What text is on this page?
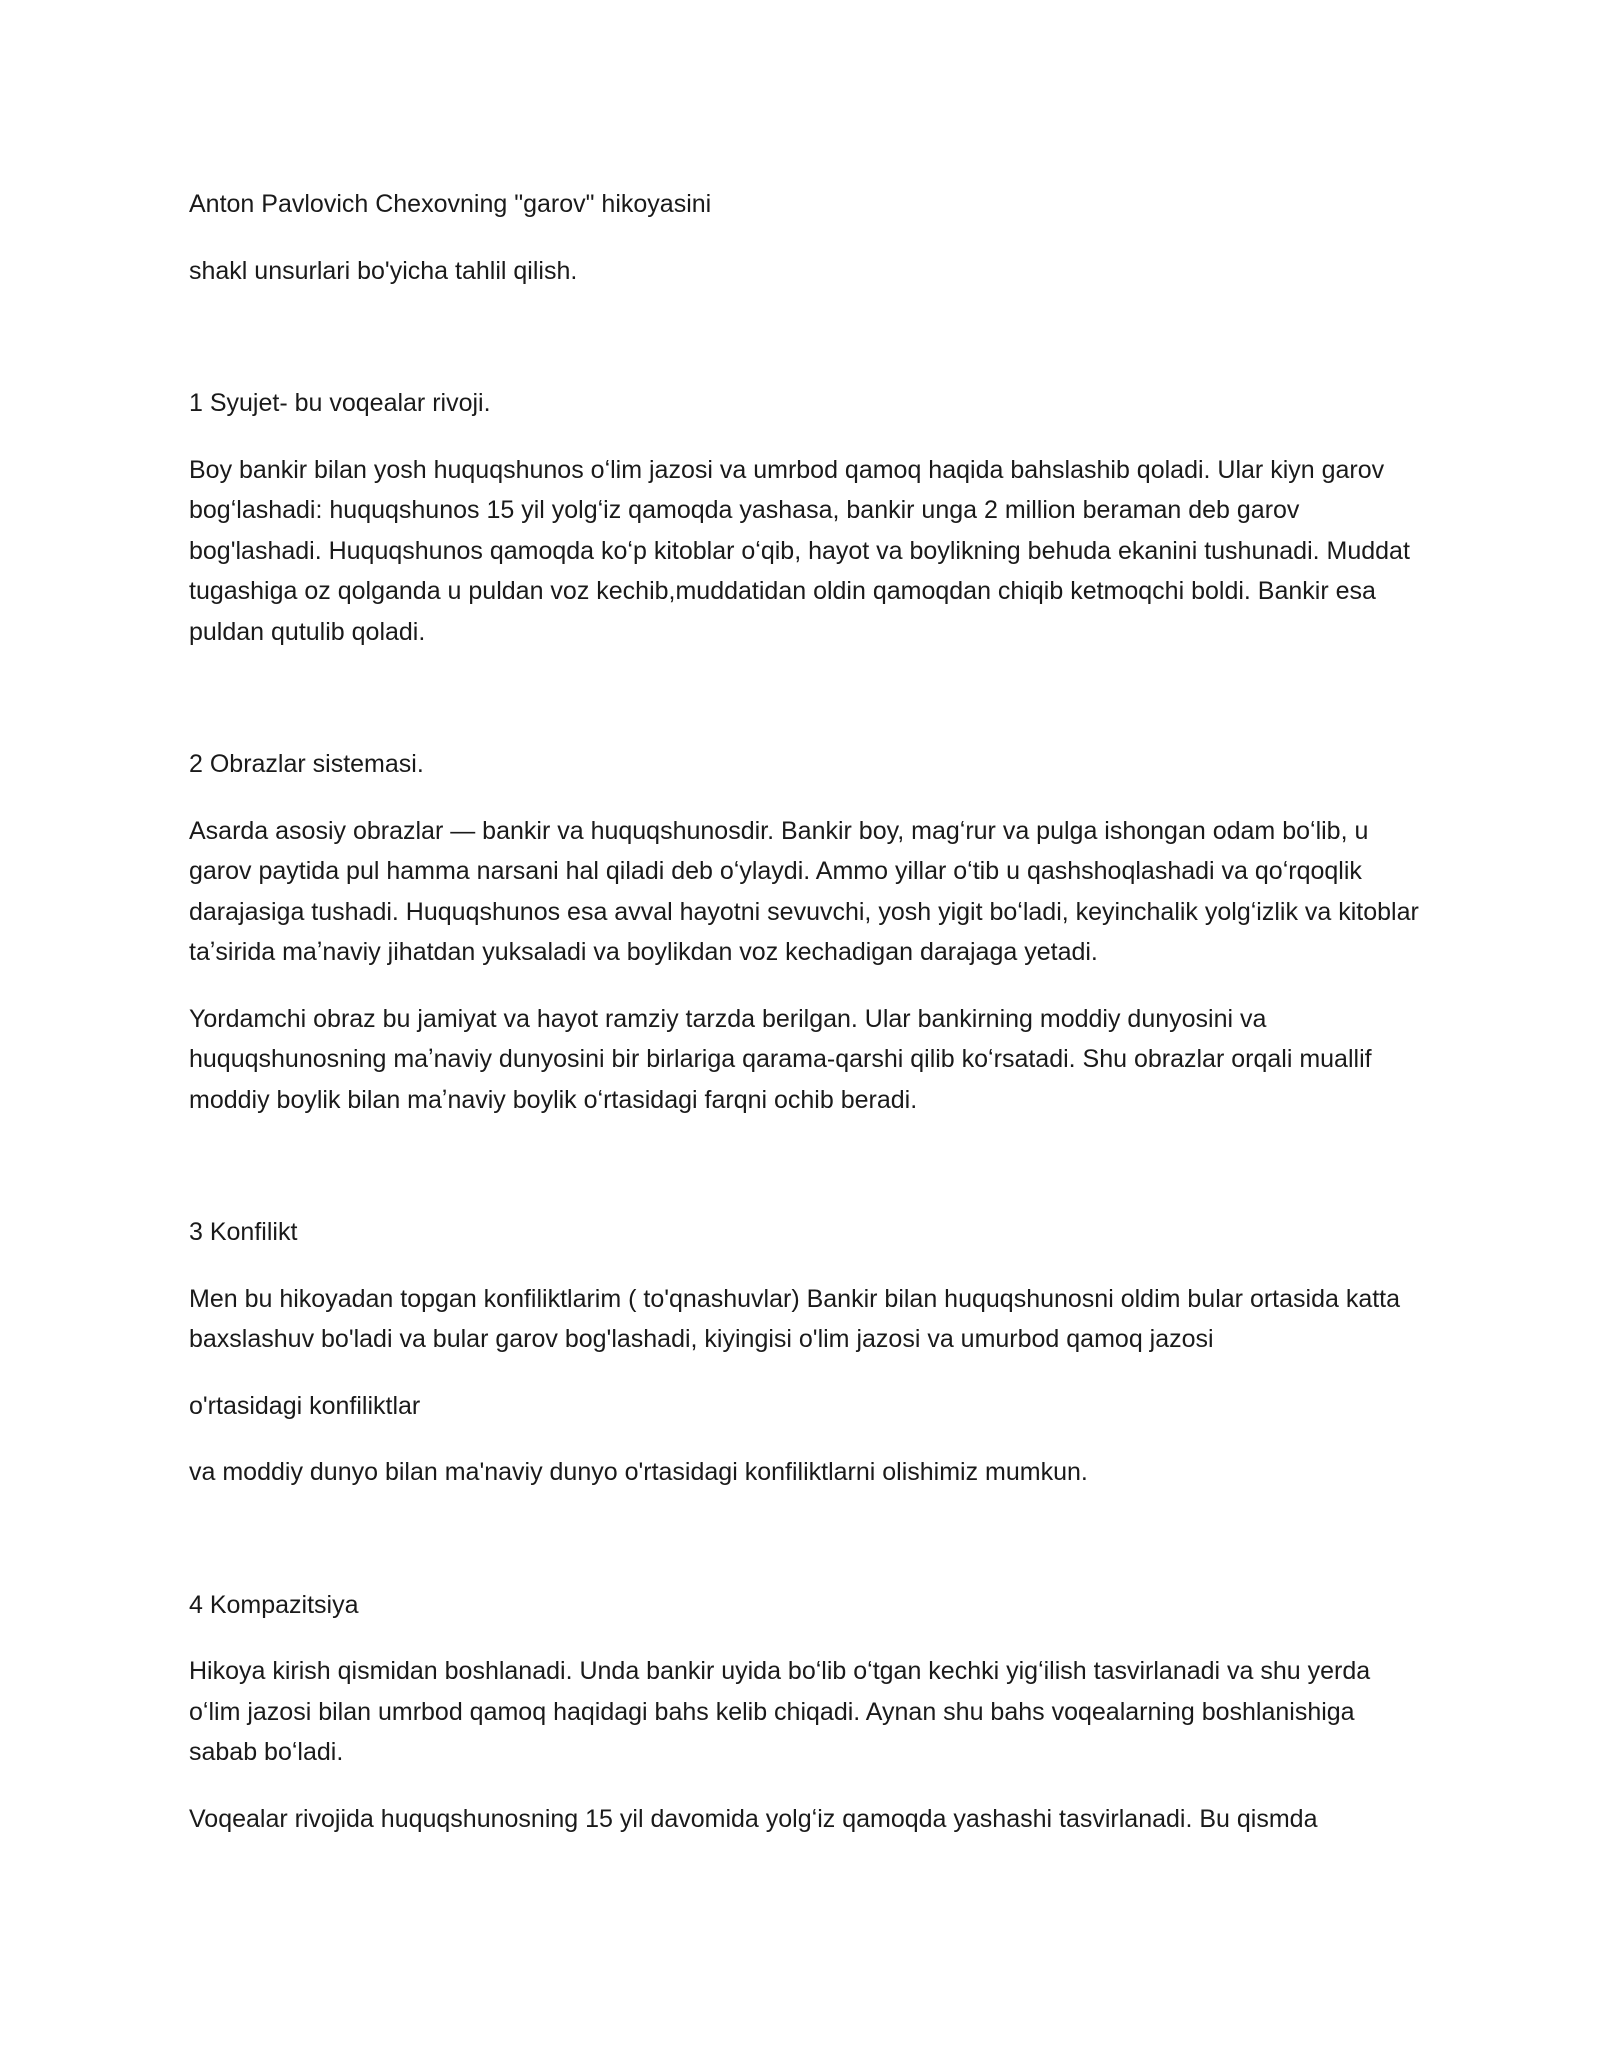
Anton Pavlovich Chexovning "garov" hikoyasini

shakl unsurlari bo'yicha tahlil qilish.

1 Syujet- bu voqealar rivoji.

Boy bankir bilan yosh huquqshunos oʻlim jazosi va umrbod qamoq haqida bahslashib qoladi. Ular kiyn garov bogʻlashadi: huquqshunos 15 yil yolgʻiz qamoqda yashasa, bankir unga 2 million beraman deb garov bog'lashadi. Huquqshunos qamoqda koʻp kitoblar oʻqib, hayot va boylikning behuda ekanini tushunadi. Muddat tugashiga oz qolganda u puldan voz kechib,muddatidan oldin qamoqdan chiqib ketmoqchi boldi. Bankir esa puldan qutulib qoladi.

2 Obrazlar sistemasi.

Asarda asosiy obrazlar — bankir va huquqshunosdir. Bankir boy, magʻrur va pulga ishongan odam boʻlib, u garov paytida pul hamma narsani hal qiladi deb oʻylaydi. Ammo yillar oʻtib u qashshoqlashadi va qoʻrqoqlik darajasiga tushadi. Huquqshunos esa avval hayotni sevuvchi, yosh yigit boʻladi, keyinchalik yolgʻizlik va kitoblar taʼsirida maʼnaviy jihatdan yuksaladi va boylikdan voz kechadigan darajaga yetadi.

Yordamchi obraz bu jamiyat va hayot ramziy tarzda berilgan. Ular bankirning moddiy dunyosini va huquqshunosning maʼnaviy dunyosini bir birlariga qarama-qarshi qilib koʻrsatadi. Shu obrazlar orqali muallif moddiy boylik bilan maʼnaviy boylik oʻrtasidagi farqni ochib beradi.

3 Konfilikt

Men bu hikoyadan topgan konfiliktlarim ( to'qnashuvlar) Bankir bilan huquqshunosni oldim bular ortasida katta baxslashuv bo'ladi va bular garov bog'lashadi, kiyingisi o'lim jazosi va umurbod qamoq jazosi

o'rtasidagi konfiliktlar

va moddiy dunyo bilan ma'naviy dunyo o'rtasidagi konfiliktlarni olishimiz mumkun.

4 Kompazitsiya

Hikoya kirish qismidan boshlanadi. Unda bankir uyida boʻlib oʻtgan kechki yigʻilish tasvirlanadi va shu yerda oʻlim jazosi bilan umrbod qamoq haqidagi bahs kelib chiqadi. Aynan shu bahs voqealarning boshlanishiga sabab boʻladi.

Voqealar rivojida huquqshunosning 15 yil davomida yolgʻiz qamoqda yashashi tasvirlanadi. Bu qismda
